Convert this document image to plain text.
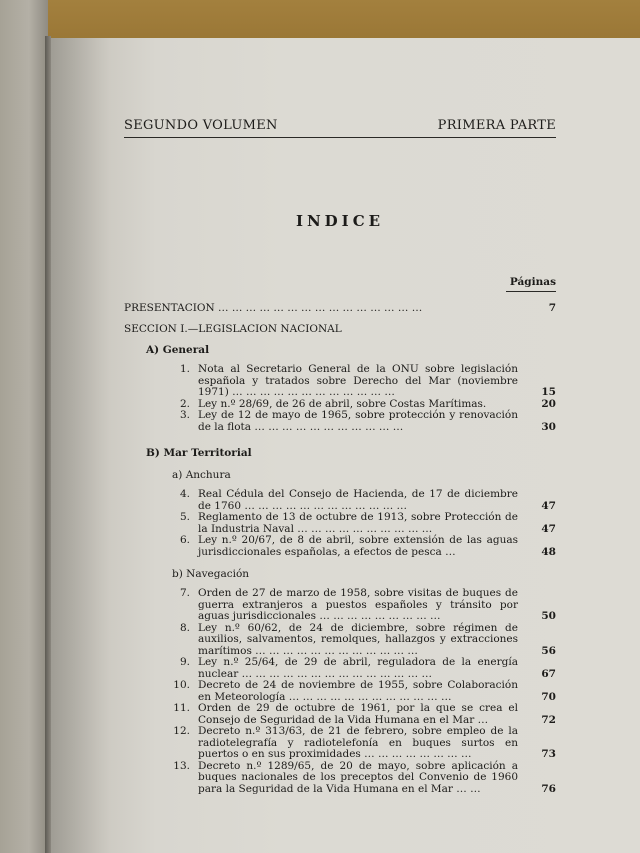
SEGUNDO VOLUMEN	PRIMERA PARTE
INDICE
Páginas
PRESENTACION … … … … … … … … … … … … … … …	7
SECCION I.—LEGISLACION NACIONAL
A) General
1. Nota al Secretario General de la ONU sobre legislación española y tratados sobre Derecho del Mar (noviembre 1971) … … … … … … … … … … … …	15
2. Ley n.º 28/69, de 26 de abril, sobre Costas Marítimas.	20
3. Ley de 12 de mayo de 1965, sobre protección y renovación de la flota … … … … … … … … … … …	30
B) Mar Territorial
a) Anchura
4. Real Cédula del Consejo de Hacienda, de 17 de diciembre de 1760 … … … … … … … … … … … …	47
5. Reglamento de 13 de octubre de 1913, sobre Protección de la Industria Naval … … … … … … … … … …	47
6. Ley n.º 20/67, de 8 de abril, sobre extensión de las aguas jurisdiccionales españolas, a efectos de pesca …	48
b) Navegación
7. Orden de 27 de marzo de 1958, sobre visitas de buques de guerra extranjeros a puestos españoles y tránsito por aguas jurisdiccionales … … … … … … … … …	50
8. Ley n.º 60/62, de 24 de diciembre, sobre régimen de auxilios, salvamentos, remolques, hallazgos y extracciones marítimos … … … … … … … … … … … …	56
9. Ley n.º 25/64, de 29 de abril, reguladora de la energía nuclear … … … … … … … … … … … … … …	67
10. Decreto de 24 de noviembre de 1955, sobre Colaboración en Meteorología … … … … … … … … … … … …	70
11. Orden de 29 de octubre de 1961, por la que se crea el Consejo de Seguridad de la Vida Humana en el Mar …	72
12. Decreto n.º 313/63, de 21 de febrero, sobre empleo de la radiotelegrafía y radiotelefonía en buques surtos en puertos o en sus proximidades … … … … … … … …	73
13. Decreto n.º 1289/65, de 20 de mayo, sobre aplicación a buques nacionales de los preceptos del Convenio de 1960 para la Seguridad de la Vida Humana en el Mar … …	76
